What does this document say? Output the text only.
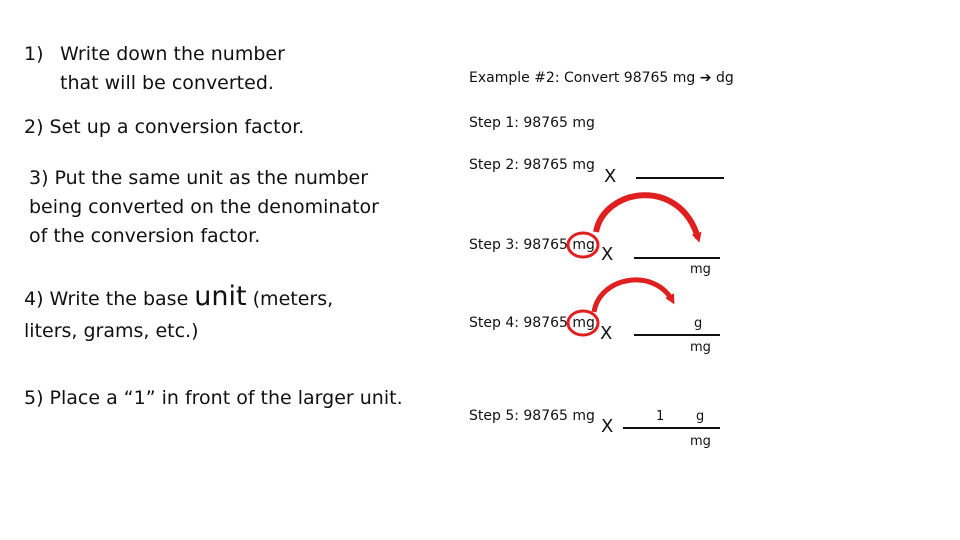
1) Write down the number
that will be converted.
2) Set up a conversion factor.
3) Put the same unit as the number
being converted on the denominator
of the conversion factor.
4) Write the base unit (meters,
liters, grams, etc.)
5) Place a “1” in front of the larger unit.
Example #2: Convert 98765 mg ➔ dg
Step 1: 98765 mg
Step 2: 98765 mg
X
Step 3: 98765 mg X
mg
Step 4: 98765 mg X	g
mg
Step 5: 98765 mg X	1 g
mg
